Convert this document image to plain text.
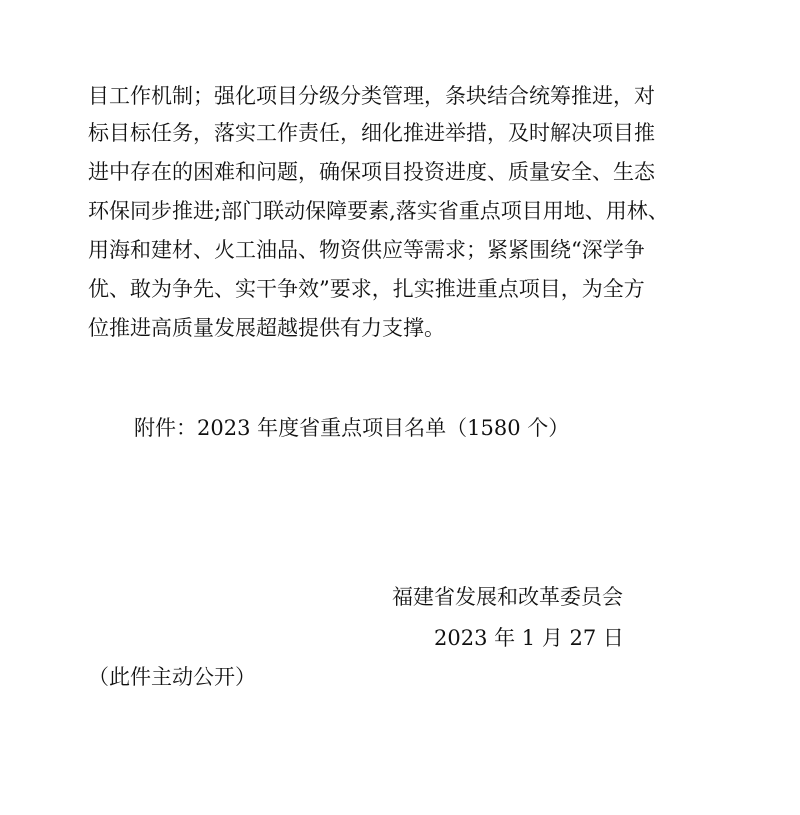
目工作机制；强化项目分级分类管理，条块结合统筹推进，对
标目标任务，落实工作责任，细化推进举措，及时解决项目推
进中存在的困难和问题，确保项目投资进度、质量安全、生态
环保同步推进;部门联动保障要素,落实省重点项目用地、用林、
用海和建材、火工油品、物资供应等需求；紧紧围绕“深学争
优、敢为争先、实干争效”要求，扎实推进重点项目，为全方
位推进高质量发展超越提供有力支撑。
附件：2023 年度省重点项目名单（1580 个）
福建省发展和改革委员会
2023 年 1 月 27 日
（此件主动公开）
